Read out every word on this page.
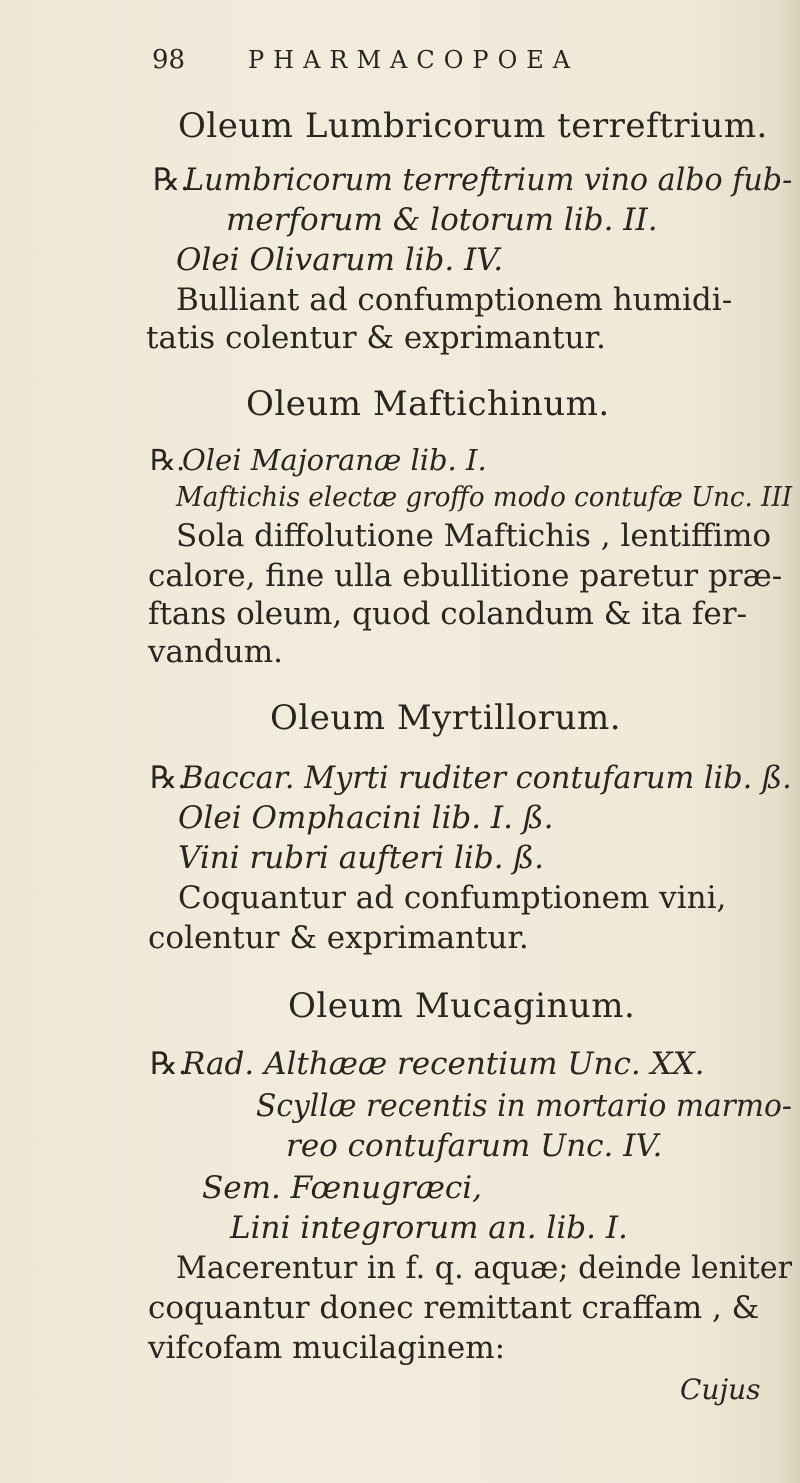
98	PHARMACOPOEA
Oleum Lumbricorum terreftrium.
℞.Lumbricorum terreftrium vino albo fub-
merforum & lotorum lib. II.
Olei Olivarum lib. IV.
Bulliant ad confumptionem humidi-
tatis colentur & exprimantur.
Oleum Maftichinum.
℞.Olei Majoranæ lib. I.
Maftichis electæ groffo modo contufæ Unc. III
Sola diffolutione Maftichis , lentiffimo
calore, fine ulla ebullitione paretur præ-
ftans oleum, quod colandum & ita fer-
vandum.
Oleum Myrtillorum.
℞.Baccar. Myrti ruditer contufarum lib. ß.
Olei Omphacini lib. I. ß.
Vini rubri aufteri lib. ß.
Coquantur ad confumptionem vini,
colentur & exprimantur.
Oleum Mucaginum.
℞.Rad. Althææ recentium Unc. XX.
Scyllæ recentis in mortario marmo-
reo contufarum Unc. IV.
Sem. Fœnugræci,
Lini integrorum an. lib. I.
Macerentur in f. q. aquæ; deinde leniter
coquantur donec remittant craffam , &
vifcofam mucilaginem:
Cujus
